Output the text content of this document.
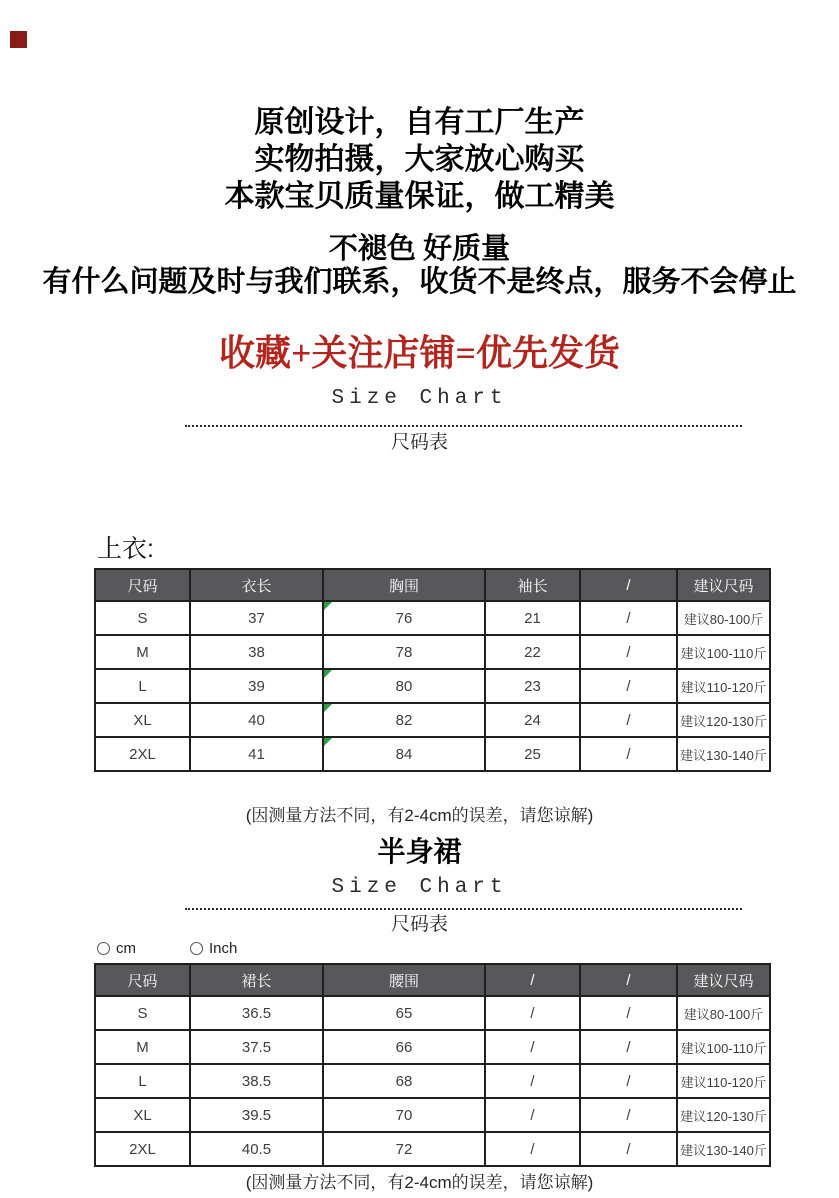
原创设计，自有工厂生产
实物拍摄，大家放心购买
本款宝贝质量保证，做工精美
不褪色 好质量
有什么问题及时与我们联系，收货不是终点，服务不会停止
收藏+关注店铺=优先发货
Size Chart
尺码表
上衣:
尺码	衣长	胸围	袖长	/	建议尺码
S	37	76	21	/	建议80-100斤
M	38	78	22	/	建议100-110斤
L	39	80	23	/	建议110-120斤
XL	40	82	24	/	建议120-130斤
2XL	41	84	25	/	建议130-140斤
(因测量方法不同，有2-4cm的误差，请您谅解)
半身裙
Size Chart
尺码表
cm	Inch
尺码	裙长	腰围	/	/	建议尺码
S	36.5	65	/	/	建议80-100斤
M	37.5	66	/	/	建议100-110斤
L	38.5	68	/	/	建议110-120斤
XL	39.5	70	/	/	建议120-130斤
2XL	40.5	72	/	/	建议130-140斤
(因测量方法不同，有2-4cm的误差，请您谅解)
